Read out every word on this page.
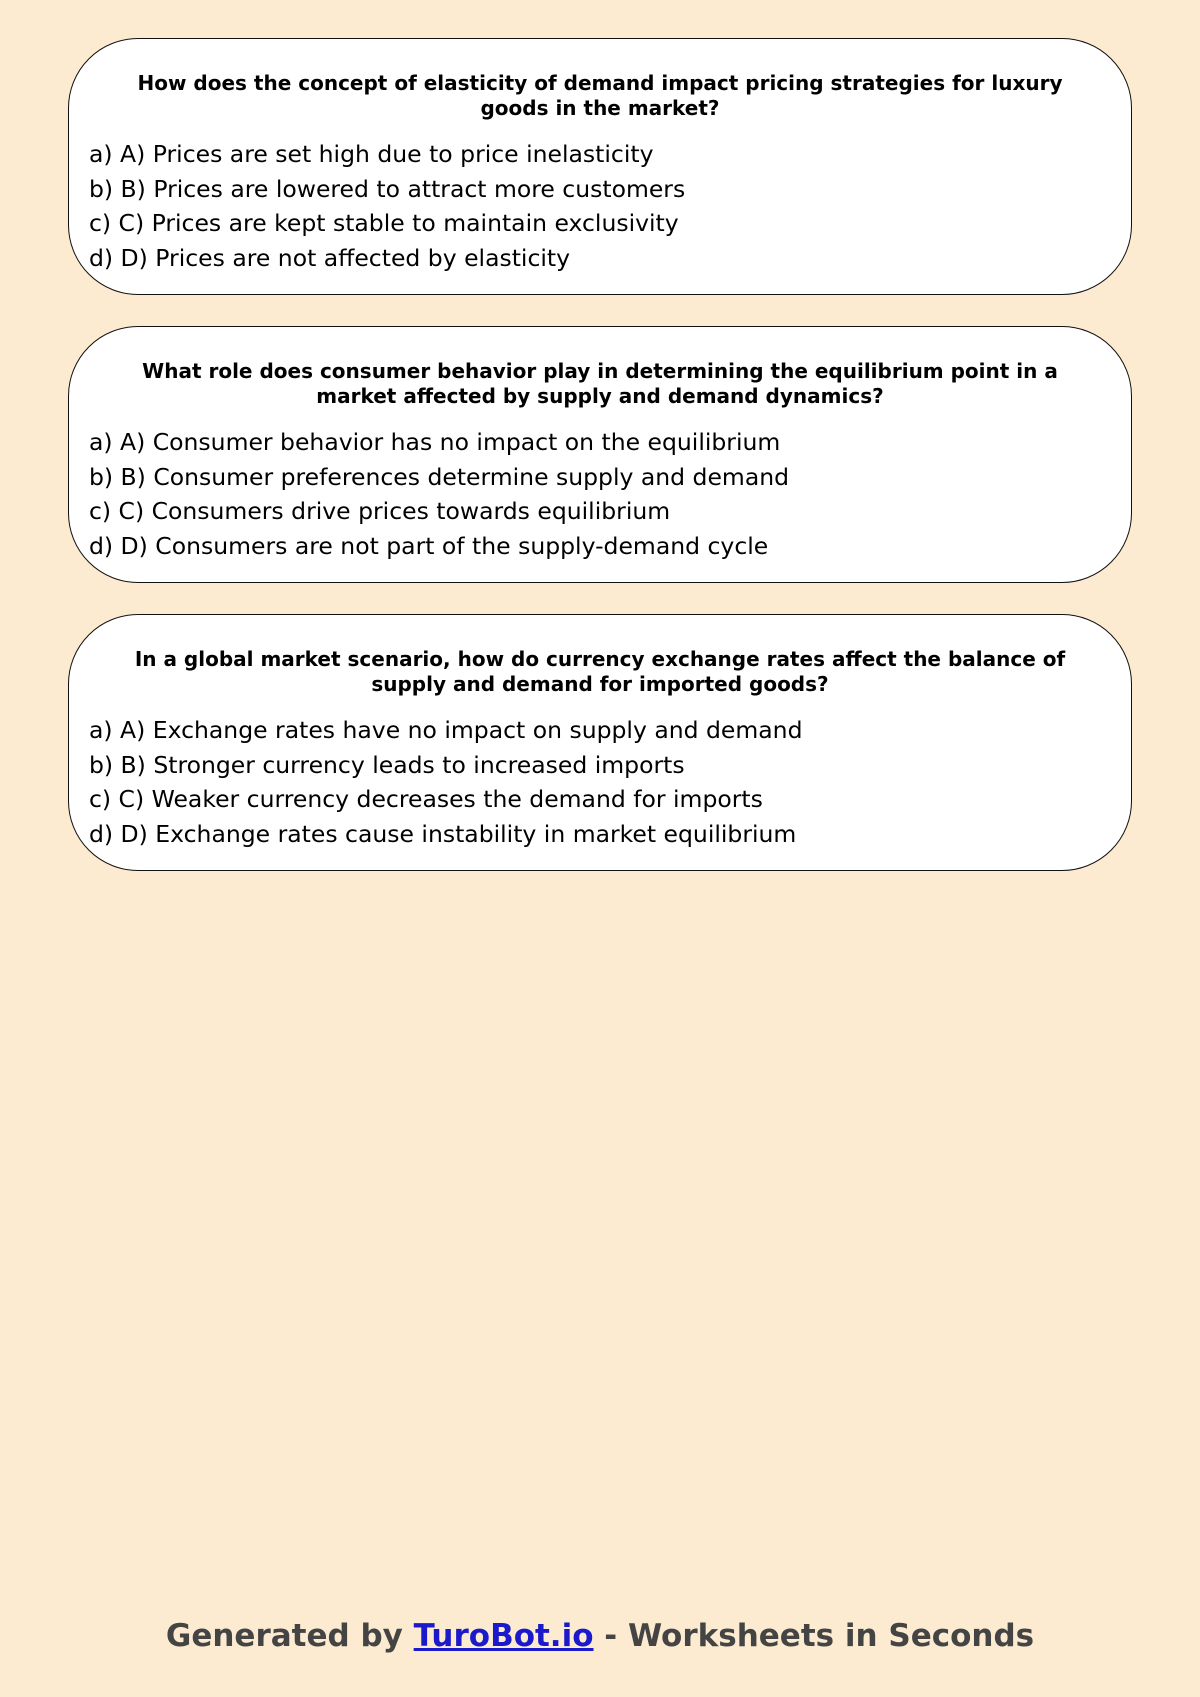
How does the concept of elasticity of demand impact pricing strategies for luxury goods in the market?
a) A) Prices are set high due to price inelasticity
b) B) Prices are lowered to attract more customers
c) C) Prices are kept stable to maintain exclusivity
d) D) Prices are not affected by elasticity
What role does consumer behavior play in determining the equilibrium point in a market affected by supply and demand dynamics?
a) A) Consumer behavior has no impact on the equilibrium
b) B) Consumer preferences determine supply and demand
c) C) Consumers drive prices towards equilibrium
d) D) Consumers are not part of the supply-demand cycle
In a global market scenario, how do currency exchange rates affect the balance of supply and demand for imported goods?
a) A) Exchange rates have no impact on supply and demand
b) B) Stronger currency leads to increased imports
c) C) Weaker currency decreases the demand for imports
d) D) Exchange rates cause instability in market equilibrium
Generated by TuroBot.io - Worksheets in Seconds
